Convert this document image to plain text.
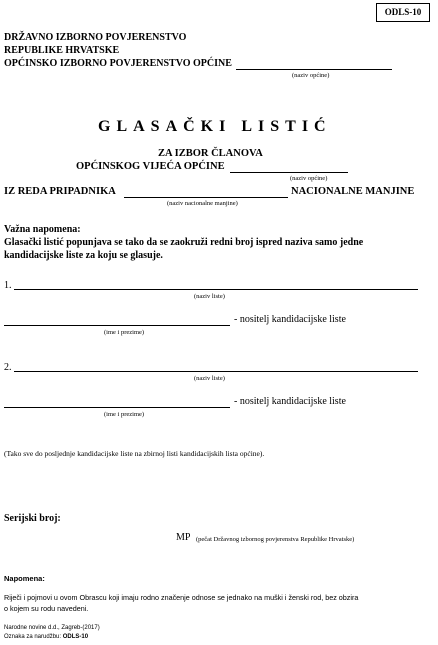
ODLS-10
DRŽAVNO IZBORNO POVJERENSTVO
REPUBLIKE HRVATSKE
OPĆINSKO IZBORNO POVJERENSTVO OPĆINE
(naziv općine)
GLASAČKI LISTIĆ
ZA IZBOR ČLANOVA
OPĆINSKOG VIJEĆA OPĆINE
(naziv općine)
IZ REDA PRIPADNIKA	NACIONALNE MANJINE
(naziv nacionalne manjine)
Važna napomena:
Glasački listić popunjava se tako da se zaokruži redni broj ispred naziva samo jedne
kandidacijske liste za koju se glasuje.
1.
(naziv liste)
- nositelj kandidacijske liste
(ime i prezime)
2.
(naziv liste)
- nositelj kandidacijske liste
(ime i prezime)
(Tako sve do posljednje kandidacijske liste na zbirnoj listi kandidacijskih lista općine).
Serijski broj:
MP (pečat Državnog izbornog povjerenstva Republike Hrvatske)
Napomena:
Riječi i pojmovi u ovom Obrascu koji imaju rodno značenje odnose se jednako na muški i ženski rod, bez obzira
o kojem su rodu navedeni.
Narodne novine d.d., Zagreb-(2017)
Oznaka za narudžbu: ODLS-10
